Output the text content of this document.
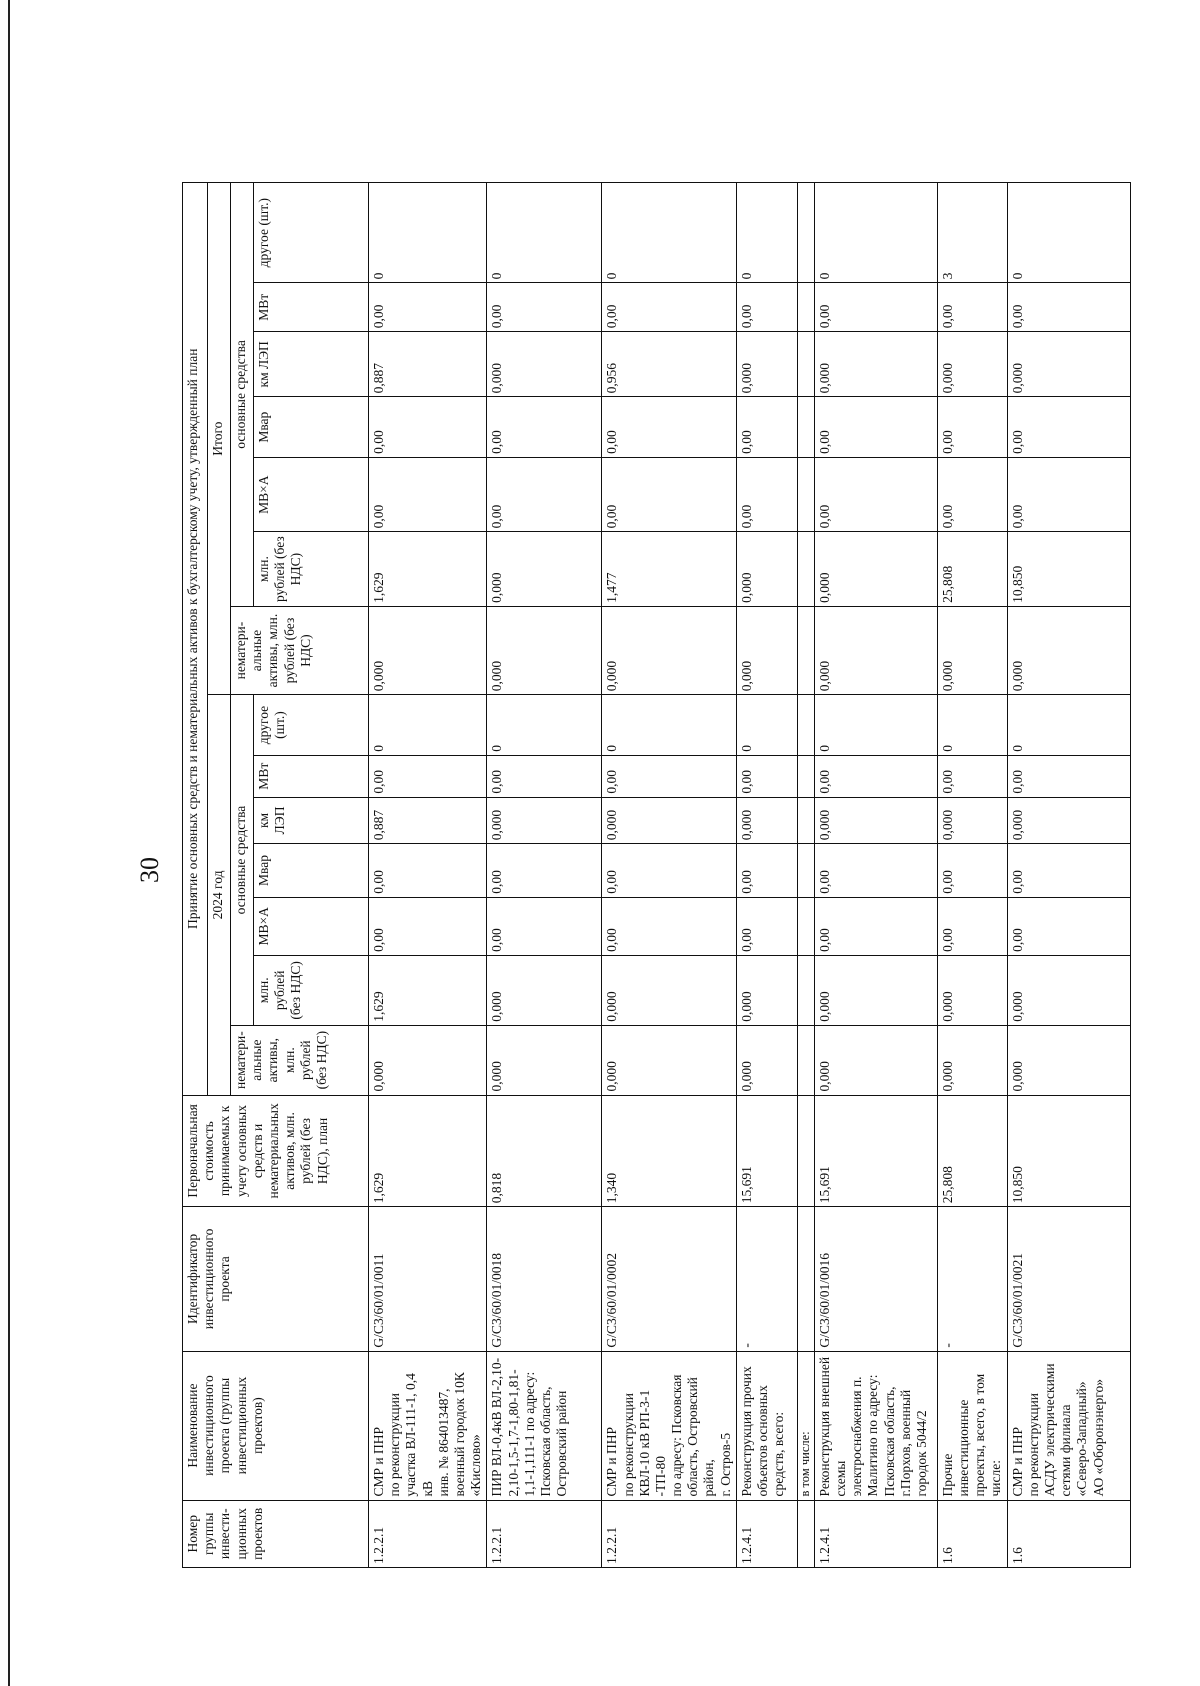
30
Номер группы инвести-ционных проектов	Наименование инвестиционного проекта (группы инвестиционных проектов)	Идентификатор инвестиционного проекта	Первоначальная стоимость принимаемых к учету основных средств и нематериальных активов, млн. рублей (без НДС), план	Принятие основных средств и нематериальных активов к бухгалтерскому учету, утвержденный план													
				2024 год							Итого						
				нематери-альные активы, млн. рублей (без НДС)	основные средства						нематери-альные активы, млн. рублей (без НДС)	основные средства					
					млн. рублей (без НДС)	МВ×А	Мвар	км ЛЭП	МВт	другое (шт.)		млн. рублей (без НДС)	МВ×А	Мвар	км ЛЭП	МВт	другое (шт.)
1.2.2.1	СМР и ПНР по реконструкции участка ВЛ-111-1, 0,4 кВ инв. № 864013487, военный городок 10К «Кислово»	G/C3/60/01/0011	1,629	0,000	1,629	0,00	0,00	0,887	0,00	0	0,000	1,629	0,00	0,00	0,887	0,00	0
1.2.2.1	ПИР ВЛ-0,4кВ ВЛ-2,10-2,10-1,5-1,7-1,80-1,81-1,1-1,111-1 по адресу: Псковская область, Островский район	G/C3/60/01/0018	0,818	0,000	0,000	0,00	0,00	0,000	0,00	0	0,000	0,000	0,00	0,00	0,000	0,00	0
1.2.2.1	СМР и ПНР по реконструкции КВЛ-10 кВ РП-3-1 -ТП-80 по адресу: Псковская область, Островский район, г. Остров-5	G/C3/60/01/0002	1,340	0,000	0,000	0,00	0,00	0,000	0,00	0	0,000	1,477	0,00	0,00	0,956	0,00	0
1.2.4.1	Реконструкция прочих объектов основных средств, всего:	-	15,691	0,000	0,000	0,00	0,00	0,000	0,00	0	0,000	0,000	0,00	0,00	0,000	0,00	0
	в том числе:																
1.2.4.1	Реконструкция внешней схемы электроснабжения п. Малитино по адресу: Псковская область, г.Порхов, военный городок 5044/2	G/C3/60/01/0016	15,691	0,000	0,000	0,00	0,00	0,000	0,00	0	0,000	0,000	0,00	0,00	0,000	0,00	0
1.6	Прочие инвестиционные проекты, всего, в том числе:	-	25,808	0,000	0,000	0,00	0,00	0,000	0,00	0	0,000	25,808	0,00	0,00	0,000	0,00	3
1.6	СМР и ПНР по реконструкции АСДУ электрическими сетями филиала «Северо-Западный» АО «Оборонэнерго»	G/C3/60/01/0021	10,850	0,000	0,000	0,00	0,00	0,000	0,00	0	0,000	10,850	0,00	0,00	0,000	0,00	0
